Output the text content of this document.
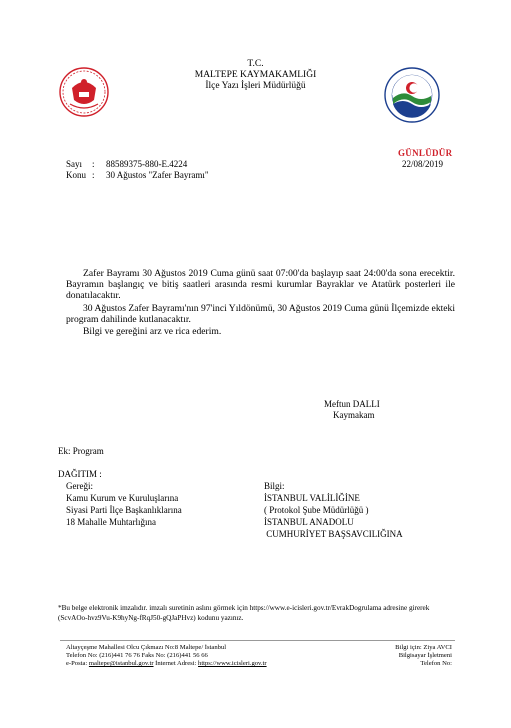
T.C.
MALTEPE KAYMAKAMLIĞI
İlçe Yazı İşleri Müdürlüğü
GÜNLÜDÜR
22/08/2019
Sayı : 88589375-880-E.4224
Konu : 30 Ağustos "Zafer Bayramı"
Zafer Bayramı 30 Ağustos 2019 Cuma günü saat 07:00'da başlayıp saat 24:00'da sona erecektir. Bayramın başlangıç ve bitiş saatleri arasında resmi kurumlar Bayraklar ve Atatürk posterleri ile donatılacaktır.
30 Ağustos Zafer Bayramı'nın 97'inci Yıldönümü, 30 Ağustos 2019 Cuma günü İlçemizde ekteki program dahilinde kutlanacaktır.
Bilgi ve gereğini arz ve rica ederim.
Meftun DALLI
Kaymakam
Ek: Program
DAĞITIM :
Gereği:	Bilgi:
Kamu Kurum ve Kuruluşlarına
Siyasi Parti İlçe Başkanlıklarına
18 Mahalle Muhtarlığına
İSTANBUL VALİLİĞİNE
( Protokol Şube Müdürlüğü )
İSTANBUL ANADOLU
CUMHURİYET BAŞSAVCILIĞINA
*Bu belge elektronik imzalıdır. imzalı suretinin aslını görmek için https://www.e-icisleri.gov.tr/EvrakDogrulama adresine girerek (ScvAOo-hvz9Vu-K9hyNg-fRqJ50-gQJaPHvz) kodunu yazınız.
Altayçeşme Mahallesi Olcu Çıkmazı No:8 Maltepe/ İstanbul
Telefon No: (216)441 76 76 Faks No: (216)441 56 66
e-Posta: maltepe@istanbul.gov.tr İnternet Adresi: https://www.icisleri.gov.tr
Bilgi için: Ziya AVCI
Bilgisayar İşletmeni
Telefon No:
